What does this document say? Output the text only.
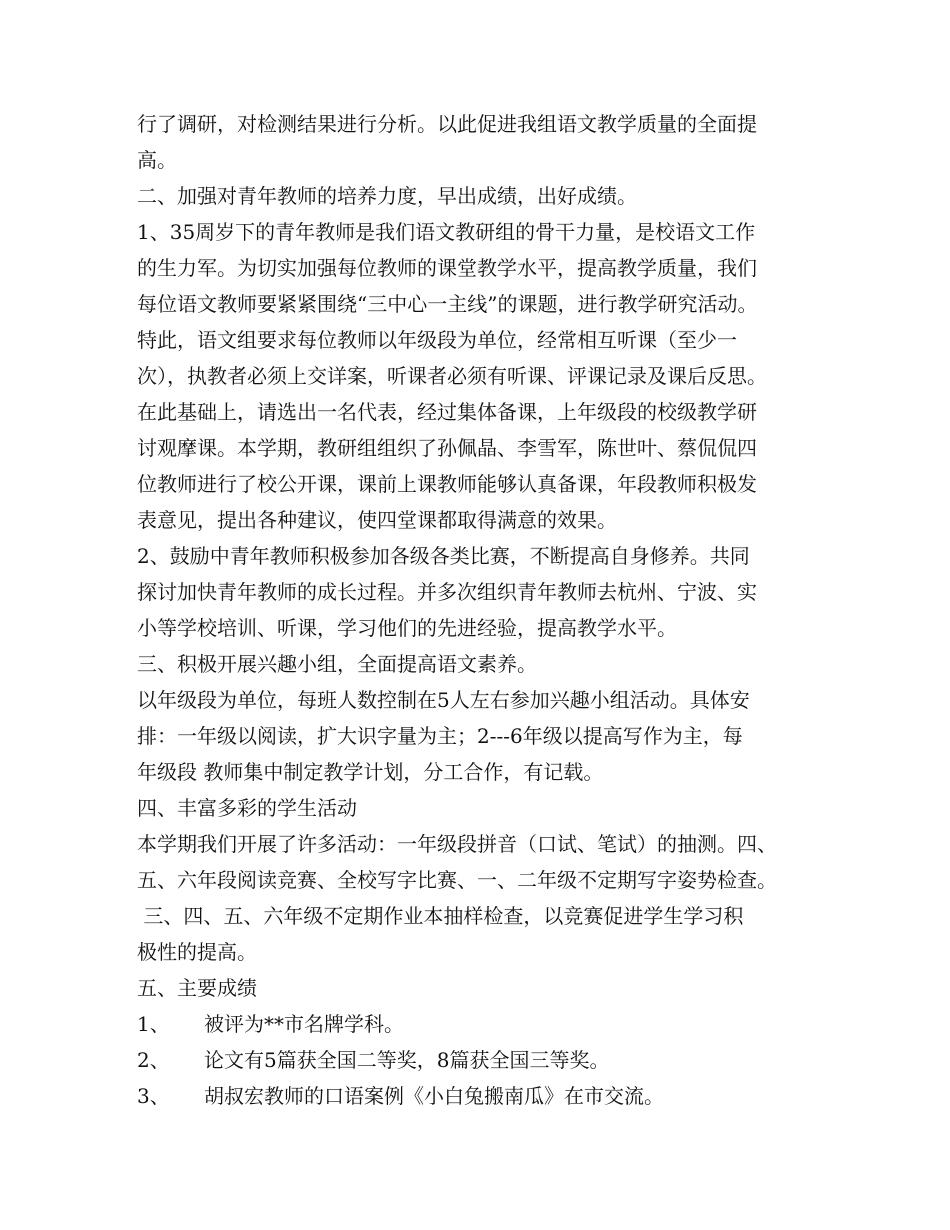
行了调研，对检测结果进行分析。以此促进我组语文教学质量的全面提
高。
二、加强对青年教师的培养力度，早出成绩，出好成绩。
1、35周岁下的青年教师是我们语文教研组的骨干力量，是校语文工作
的生力军。为切实加强每位教师的课堂教学水平，提高教学质量，我们
每位语文教师要紧紧围绕“三中心一主线”的课题，进行教学研究活动。
特此，语文组要求每位教师以年级段为单位，经常相互听课（至少一
次），执教者必须上交详案，听课者必须有听课、评课记录及课后反思。
在此基础上，请选出一名代表，经过集体备课，上年级段的校级教学研
讨观摩课。本学期，教研组组织了孙佩晶、李雪军，陈世叶、蔡侃侃四
位教师进行了校公开课，课前上课教师能够认真备课，年段教师积极发
表意见，提出各种建议，使四堂课都取得满意的效果。
2、鼓励中青年教师积极参加各级各类比赛，不断提高自身修养。共同
探讨加快青年教师的成长过程。并多次组织青年教师去杭州、宁波、实
小等学校培训、听课，学习他们的先进经验，提高教学水平。
三、积极开展兴趣小组，全面提高语文素养。
以年级段为单位，每班人数控制在5人左右参加兴趣小组活动。具体安
排：一年级以阅读，扩大识字量为主；2---6年级以提高写作为主，每
年级段 教师集中制定教学计划，分工合作，有记载。
四、丰富多彩的学生活动
本学期我们开展了许多活动：一年级段拼音（口试、笔试）的抽测。四、
五、六年段阅读竞赛、全校写字比赛、一、二年级不定期写字姿势检查。
三、四、五、六年级不定期作业本抽样检查，以竞赛促进学生学习积
极性的提高。
五、主要成绩

1、

被评为**市名牌学科。

2、

论文有5篇获全国二等奖，8篇获全国三等奖。

3、

胡叔宏教师的口语案例《小白兔搬南瓜》在市交流。
